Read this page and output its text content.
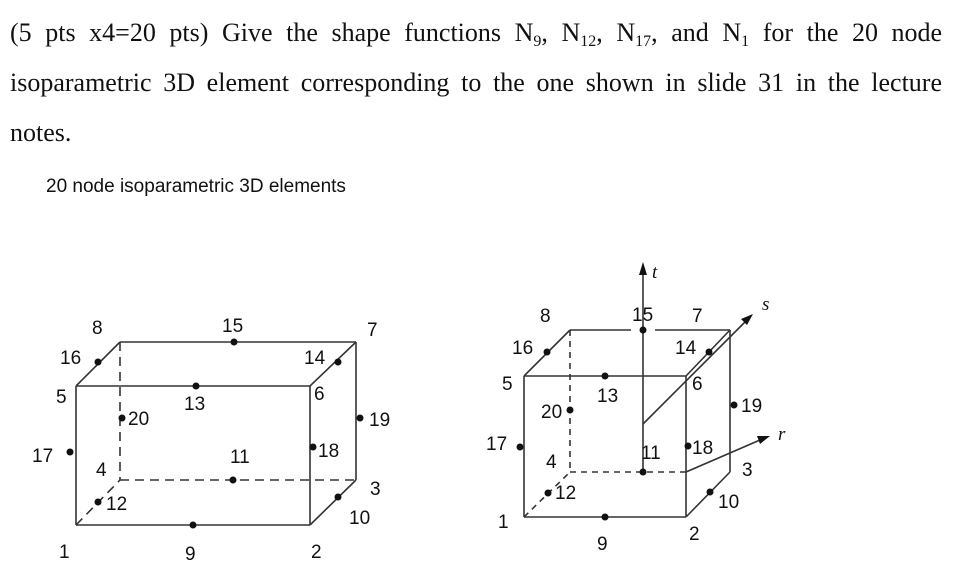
(5 pts x4=20 pts) Give the shape functions $N_9$, $N_{12}$, $N_{17}$, and $N_1$ for the 20 node isoparametric 3D element corresponding to the one shown in slide 31 in the lecture notes.
20 node isoparametric 3D elements
1	2
3
4
5	6
7
8
9
10
11
12
13
14
15
16
17	18
19
20
t
s
r
1
2
3
4
5	6
7
8
9
10
11
12
13
14
15
16
17	18
19
20
